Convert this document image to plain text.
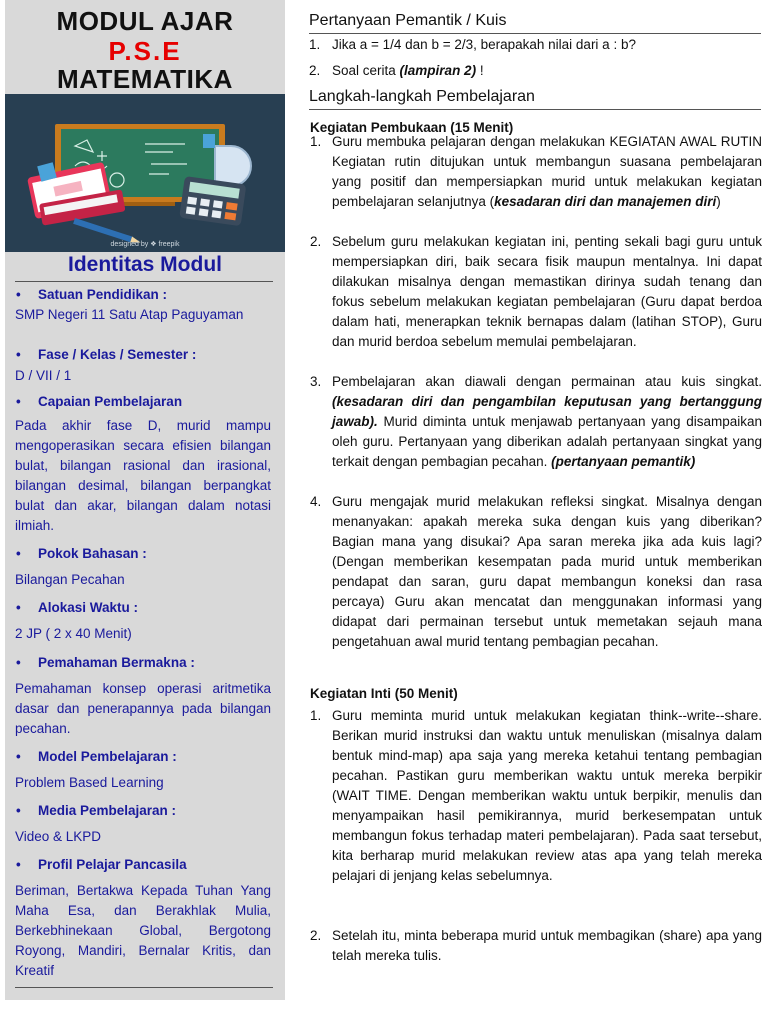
MODUL AJAR
P.S.E
MATEMATIKA
designed by ❖ freepik
Identitas Modul
• Satuan Pendidikan :
SMP Negeri 11 Satu Atap Paguyaman
• Fase / Kelas / Semester :
D / VII / 1
• Capaian Pembelajaran
Pada akhir fase D, murid mampu mengoperasikan secara efisien bilangan bulat, bilangan rasional dan irasional, bilangan desimal, bilangan berpangkat bulat dan akar, bilangan dalam notasi ilmiah.
• Pokok Bahasan :
Bilangan Pecahan
• Alokasi Waktu :
2 JP ( 2 x 40 Menit)
• Pemahaman Bermakna :
Pemahaman konsep operasi aritmetika dasar dan penerapannya pada bilangan pecahan.
• Model Pembelajaran :
Problem Based Learning
• Media Pembelajaran :
Video & LKPD
• Profil Pelajar Pancasila
Beriman, Bertakwa Kepada Tuhan Yang Maha Esa, dan Berakhlak Mulia, Berkebhinekaan Global, Bergotong Royong, Mandiri, Bernalar Kritis, dan Kreatif
Pertanyaan Pemantik / Kuis
1. Jika a = 1/4 dan b = 2/3, berapakah nilai dari a : b?
2. Soal cerita (lampiran 2) !
Langkah-langkah Pembelajaran
Kegiatan Pembukaan (15 Menit)
1. Guru membuka pelajaran dengan melakukan KEGIATAN AWAL RUTIN Kegiatan rutin ditujukan untuk membangun suasana pembelajaran yang positif dan mempersiapkan murid untuk melakukan kegiatan pembelajaran selanjutnya (kesadaran diri dan manajemen diri)
2. Sebelum guru melakukan kegiatan ini, penting sekali bagi guru untuk mempersiapkan diri, baik secara fisik maupun mentalnya. Ini dapat dilakukan misalnya dengan memastikan dirinya sudah tenang dan fokus sebelum melakukan kegiatan pembelajaran (Guru dapat berdoa dalam hati, menerapkan teknik bernapas dalam (latihan STOP), Guru dan murid berdoa sebelum memulai pembelajaran.
3. Pembelajaran akan diawali dengan permainan atau kuis singkat. (kesadaran diri dan pengambilan keputusan yang bertanggung jawab). Murid diminta untuk menjawab pertanyaan yang disampaikan oleh guru. Pertanyaan yang diberikan adalah pertanyaan singkat yang terkait dengan pembagian pecahan. (pertanyaan pemantik)
4. Guru mengajak murid melakukan refleksi singkat. Misalnya dengan menanyakan: apakah mereka suka dengan kuis yang diberikan? Bagian mana yang disukai? Apa saran mereka jika ada kuis lagi? (Dengan memberikan kesempatan pada murid untuk memberikan pendapat dan saran, guru dapat membangun koneksi dan rasa percaya) Guru akan mencatat dan menggunakan informasi yang didapat dari permainan tersebut untuk memetakan sejauh mana pengetahuan awal murid tentang pembagian pecahan.
Kegiatan Inti (50 Menit)
1. Guru meminta murid untuk melakukan kegiatan think--write--share. Berikan murid instruksi dan waktu untuk menuliskan (misalnya dalam bentuk mind-map) apa saja yang mereka ketahui tentang pembagian pecahan. Pastikan guru memberikan waktu untuk mereka berpikir (WAIT TIME. Dengan memberikan waktu untuk berpikir, menulis dan menyampaikan hasil pemikirannya, murid berkesempatan untuk membangun fokus terhadap materi pembelajaran). Pada saat tersebut, kita berharap murid melakukan review atas apa yang telah mereka pelajari di jenjang kelas sebelumnya.
2. Setelah itu, minta beberapa murid untuk membagikan (share) apa yang telah mereka tulis.
